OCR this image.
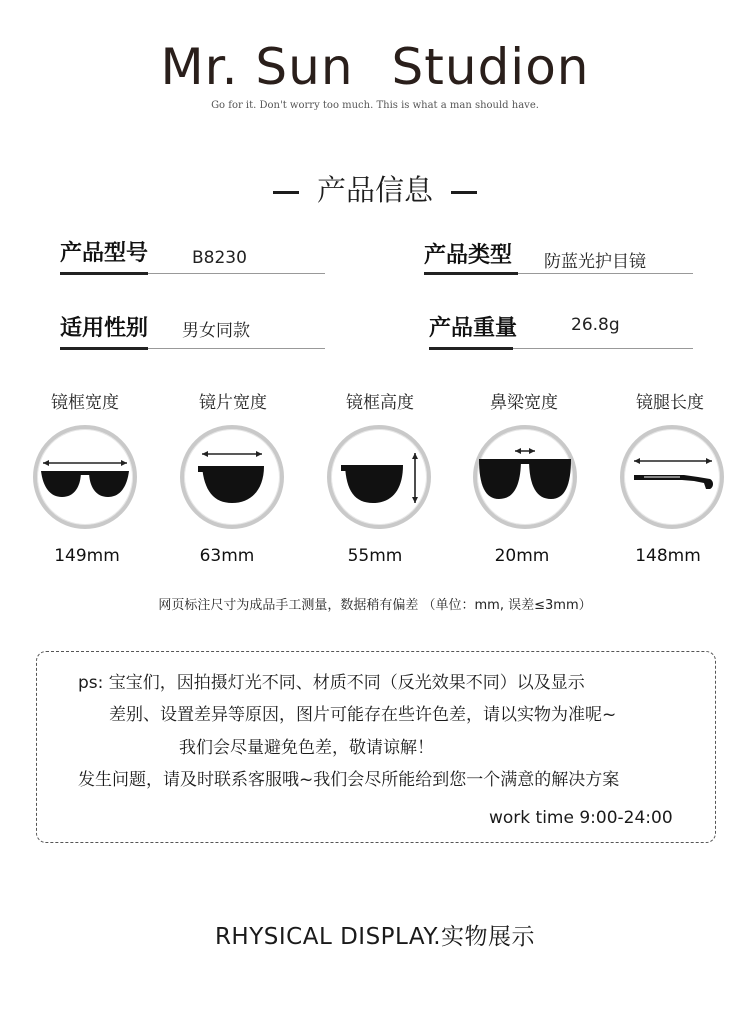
Mr. Sun Studion
Go for it. Don't worry too much. This is what a man should have.
产品信息
产品型号	B8230	产品类型 防蓝光护目镜
适用性别 男女同款	产品重量	26.8g
镜框宽度	镜片宽度	镜框高度	鼻梁宽度	镜腿长度
149mm	63mm	55mm	20mm	148mm
网页标注尺寸为成品手工测量，数据稍有偏差 （单位：mm, 误差≤3mm）
ps: 宝宝们，因拍摄灯光不同、材质不同（反光效果不同）以及显示
差别、设置差异等原因，图片可能存在些许色差，请以实物为准呢~
我们会尽量避免色差，敬请谅解！
发生问题，请及时联系客服哦~我们会尽所能给到您一个满意的解决方案
work time 9:00-24:00
RHYSICAL DISPLAY.实物展示
